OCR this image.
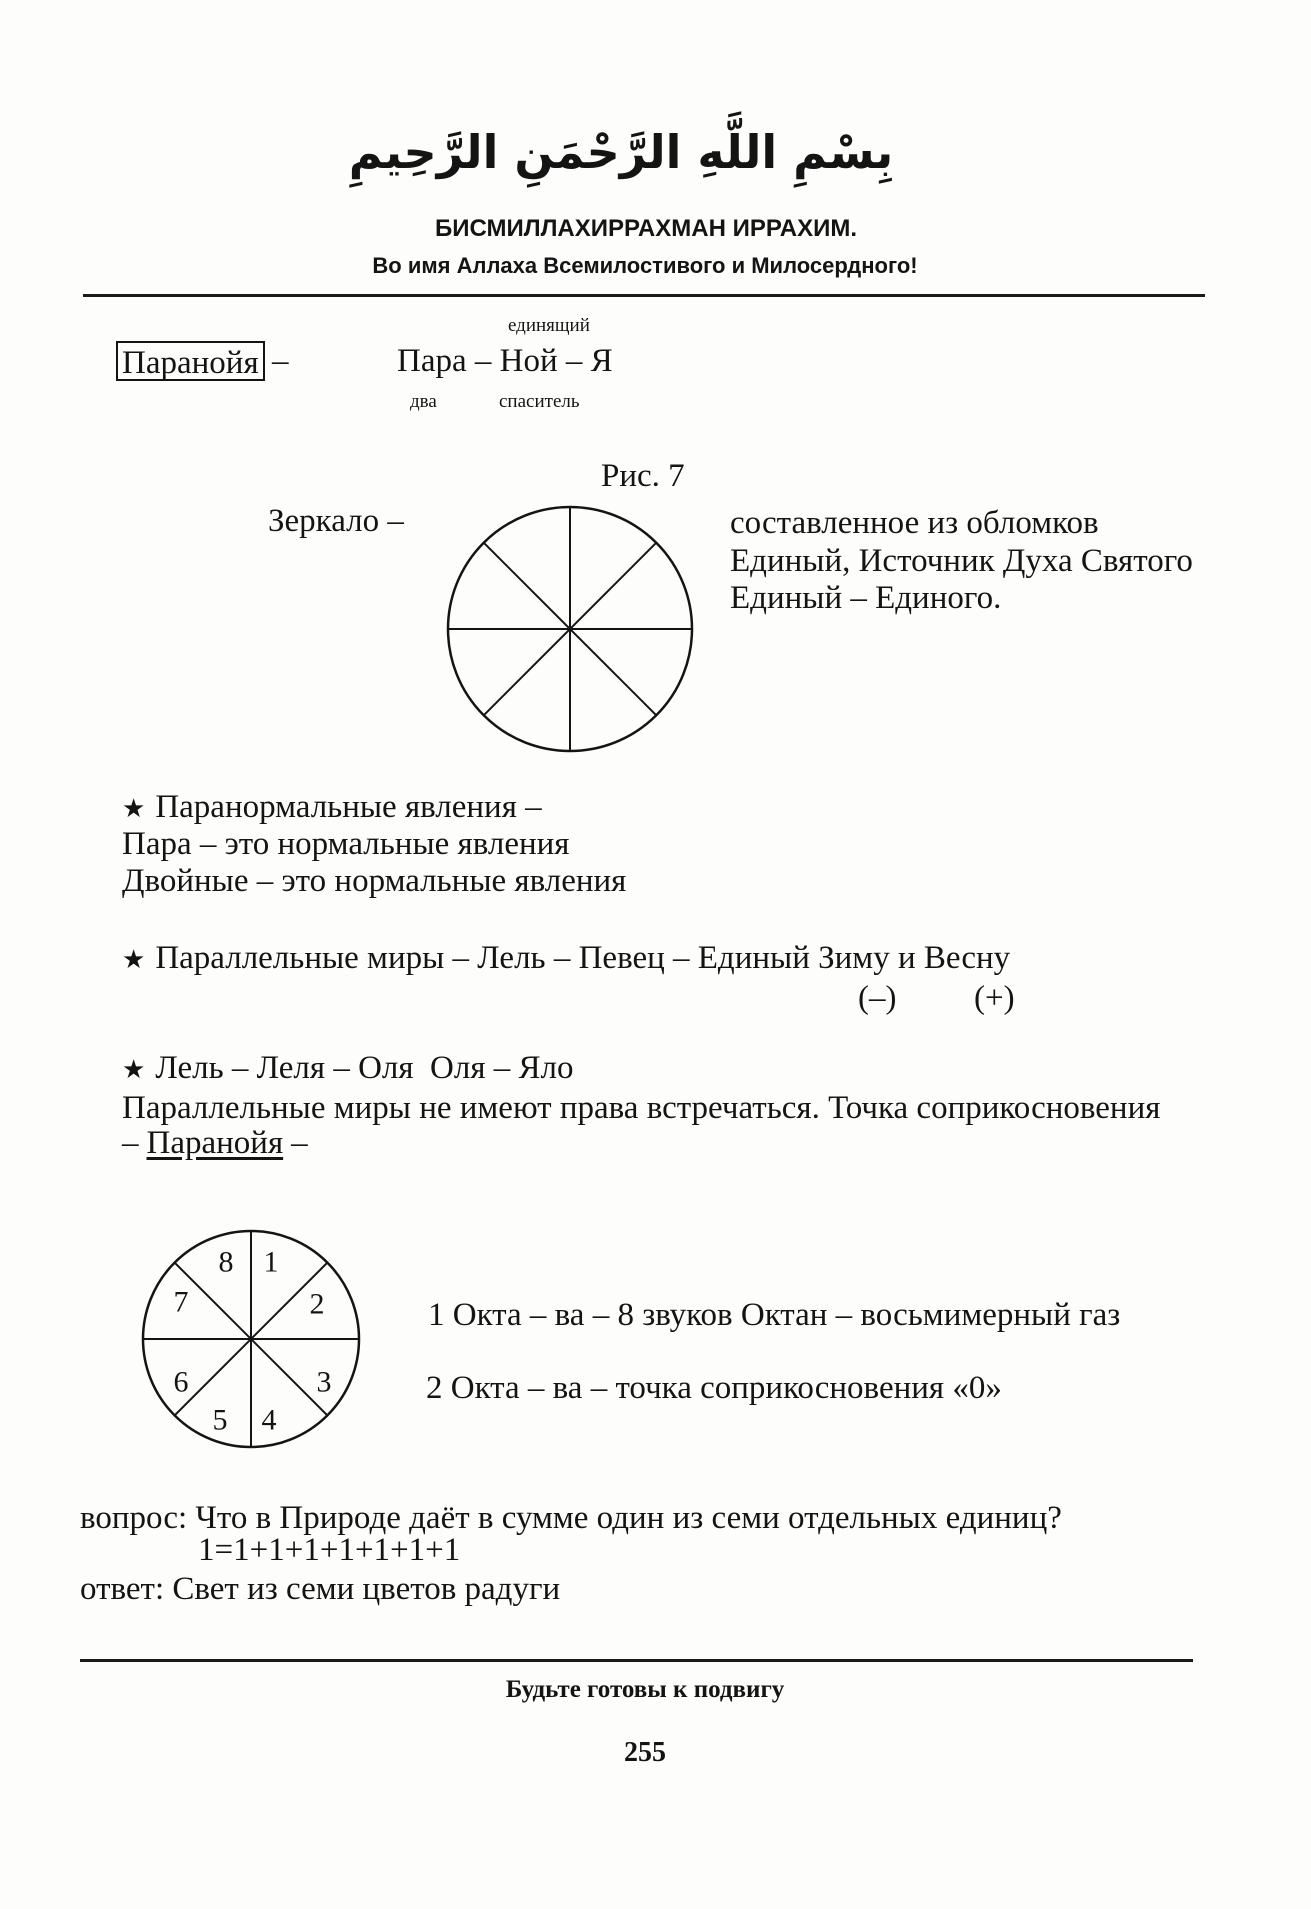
بِسْمِ اللَّهِ الرَّحْمَنِ الرَّحِيمِ
БИСМИЛЛАХИРРАХМАН ИРРАХИМ.
Во имя Аллаха Всемилостивого и Милосердного!
Паранойя –
единящий
Пара – Ной – Я
два	спаситель
Рис. 7
Зеркало –	составленное из обломков
Единый, Источник Духа Святого
Единый – Единого.
★ Паранормальные явления –
Пара – это нормальные явления
Двойные – это нормальные явления
★ Параллельные миры – Лель – Певец – Единый Зиму и Весну
(–) (+)
★ Лель – Леля – Оля  Оля – Яло
Параллельные миры не имеют права встречаться. Точка соприкосновения
– Паранойя –
1
2
3
4
5
6
7
8
1 Окта – ва – 8 звуков Октан – восьмимерный газ
2 Окта – ва – точка соприкосновения «0»
вопрос: Что в Природе даёт в сумме один из семи отдельных единиц?
1=1+1+1+1+1+1+1
ответ: Свет из семи цветов радуги
Будьте готовы к подвигу
255
